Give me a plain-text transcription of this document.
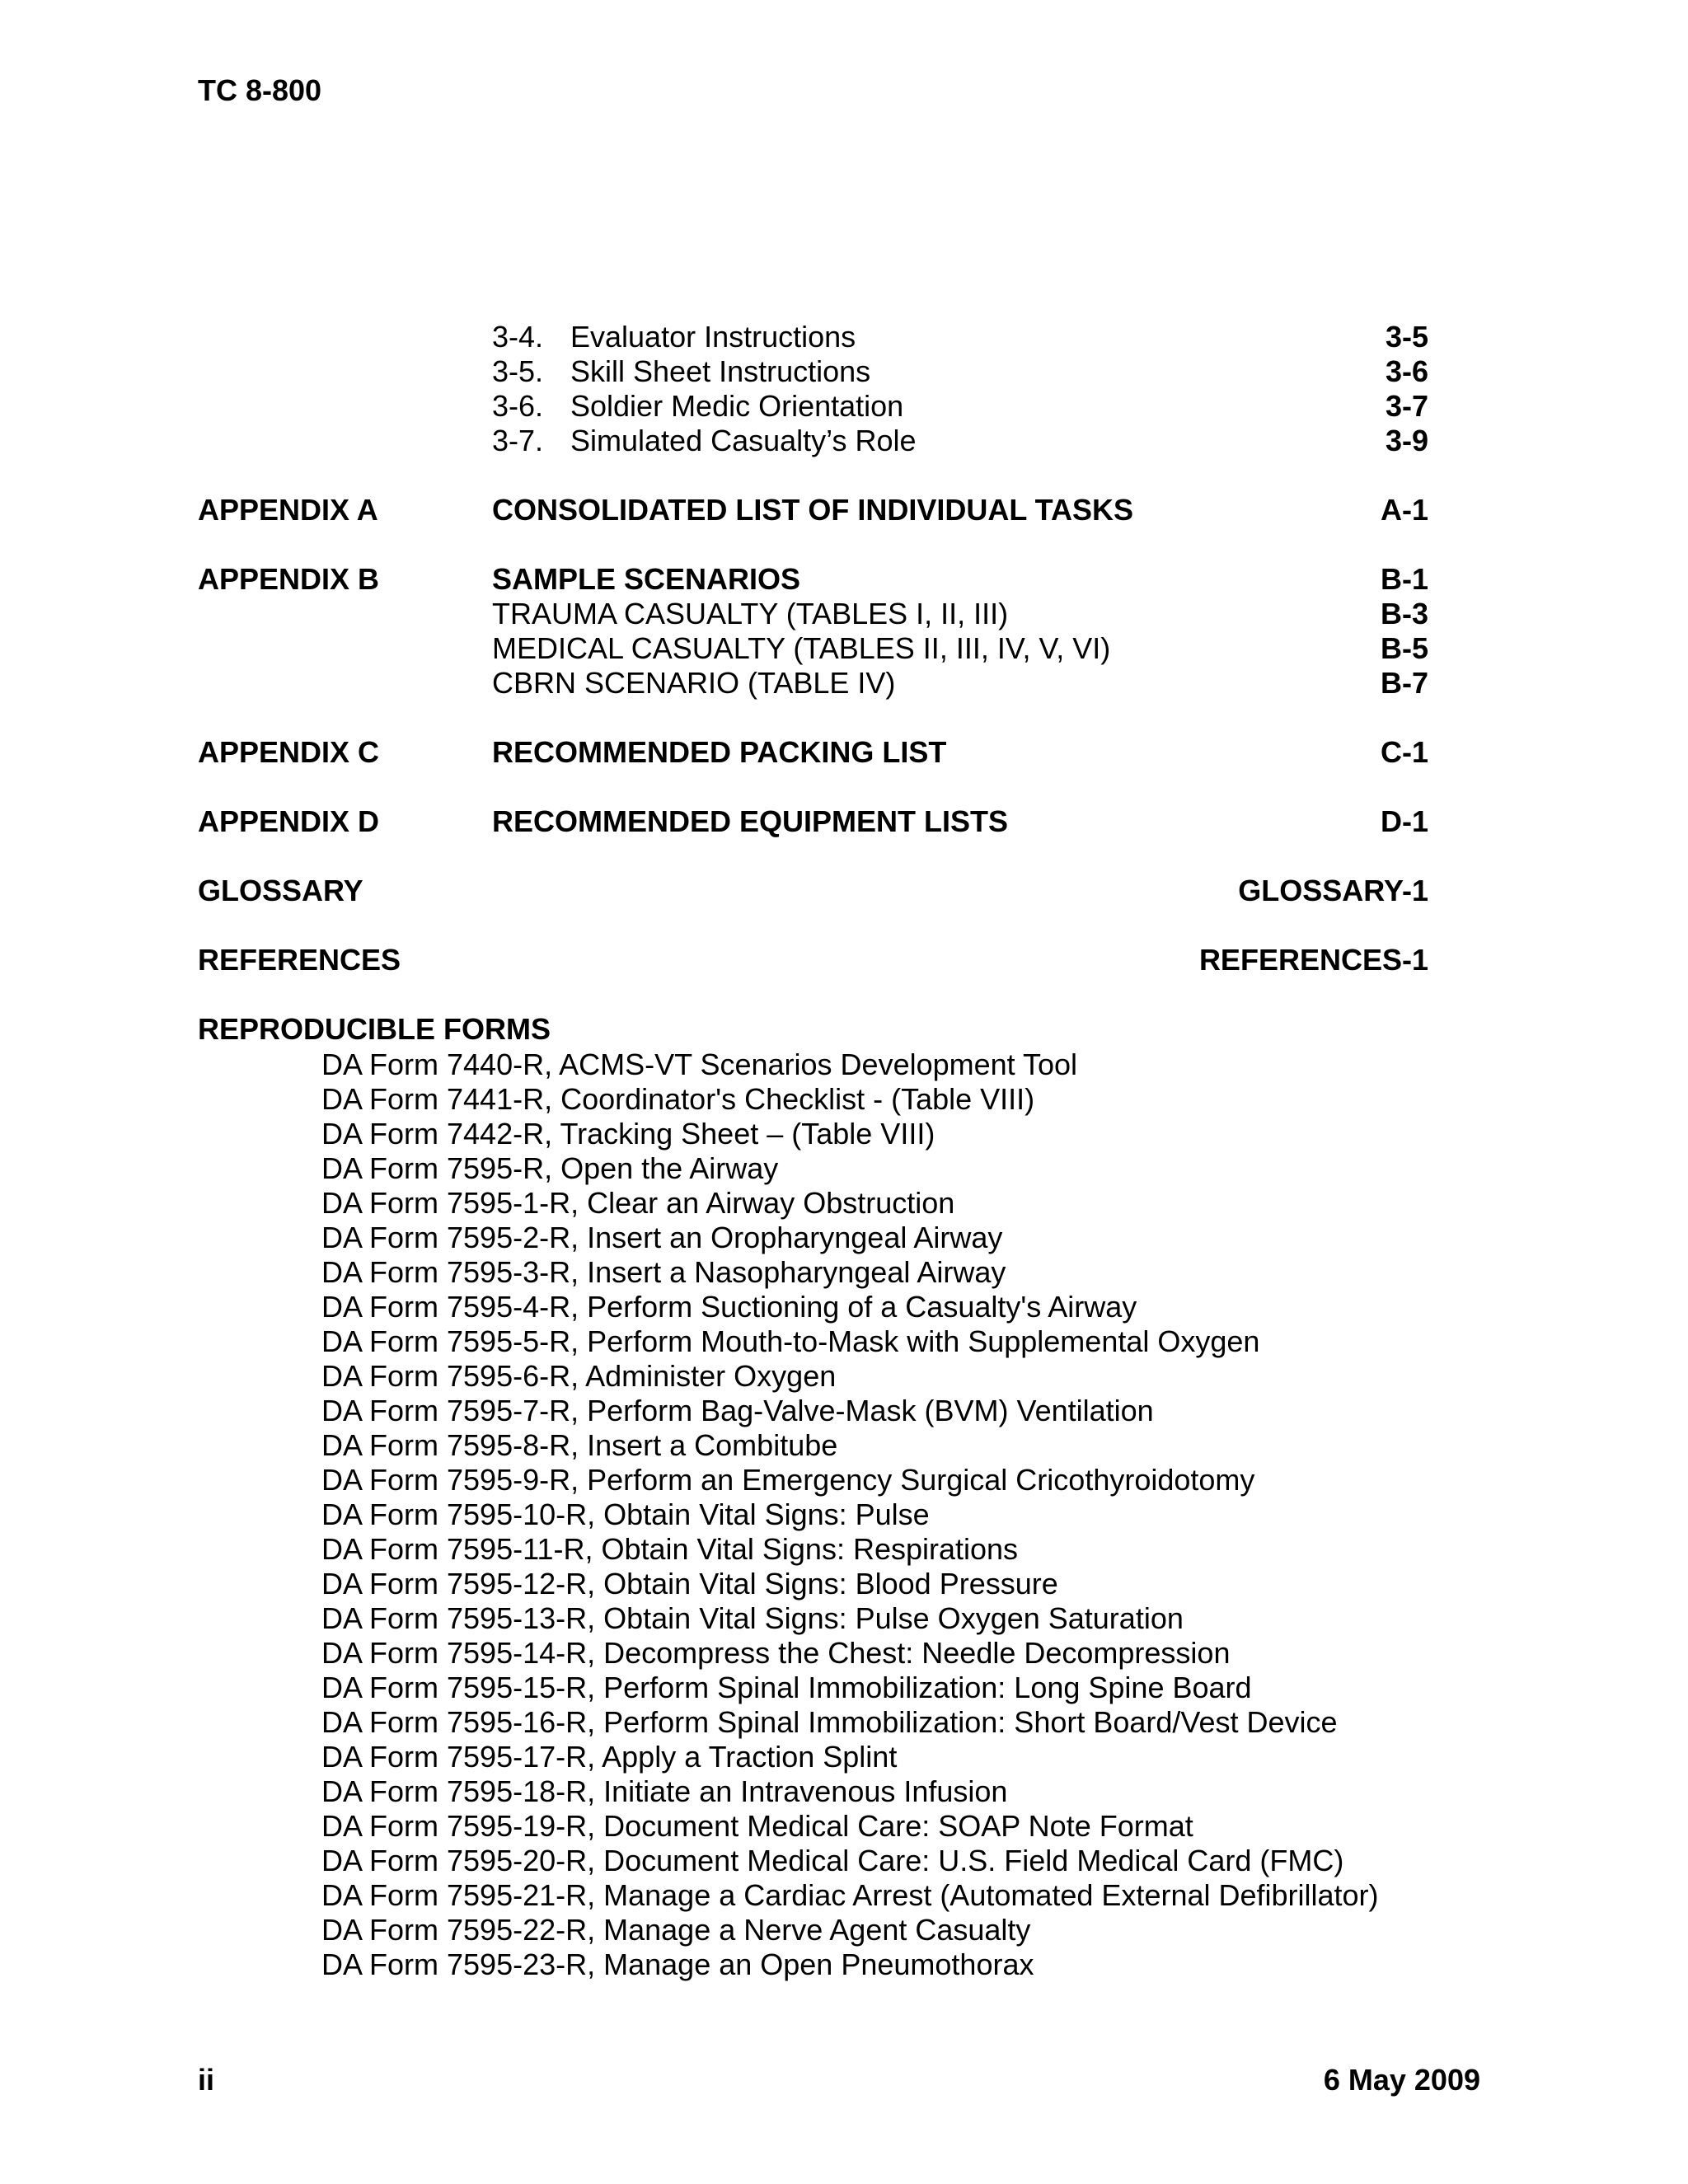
TC 8-800
3-4. Evaluator Instructions	3-5
3-5. Skill Sheet Instructions	3-6
3-6. Soldier Medic Orientation	3-7
3-7. Simulated Casualty’s Role	3-9
APPENDIX A	CONSOLIDATED LIST OF INDIVIDUAL TASKS	A-1
APPENDIX B	SAMPLE SCENARIOS	B-1
TRAUMA CASUALTY (TABLES I, II, III)	B-3
MEDICAL CASUALTY (TABLES II, III, IV, V, VI)	B-5
CBRN SCENARIO (TABLE IV)	B-7
APPENDIX C	RECOMMENDED PACKING LIST	C-1
APPENDIX D	RECOMMENDED EQUIPMENT LISTS	D-1
GLOSSARY	GLOSSARY-1
REFERENCES	REFERENCES-1
REPRODUCIBLE FORMS
DA Form 7440-R, ACMS-VT Scenarios Development Tool
DA Form 7441-R, Coordinator's Checklist - (Table VIII)
DA Form 7442-R, Tracking Sheet – (Table VIII)
DA Form 7595-R, Open the Airway
DA Form 7595-1-R, Clear an Airway Obstruction
DA Form 7595-2-R, Insert an Oropharyngeal Airway
DA Form 7595-3-R, Insert a Nasopharyngeal Airway
DA Form 7595-4-R, Perform Suctioning of a Casualty's Airway
DA Form 7595-5-R, Perform Mouth-to-Mask with Supplemental Oxygen
DA Form 7595-6-R, Administer Oxygen
DA Form 7595-7-R, Perform Bag-Valve-Mask (BVM) Ventilation
DA Form 7595-8-R, Insert a Combitube
DA Form 7595-9-R, Perform an Emergency Surgical Cricothyroidotomy
DA Form 7595-10-R, Obtain Vital Signs: Pulse
DA Form 7595-11-R, Obtain Vital Signs: Respirations
DA Form 7595-12-R, Obtain Vital Signs: Blood Pressure
DA Form 7595-13-R, Obtain Vital Signs: Pulse Oxygen Saturation
DA Form 7595-14-R, Decompress the Chest: Needle Decompression
DA Form 7595-15-R, Perform Spinal Immobilization: Long Spine Board
DA Form 7595-16-R, Perform Spinal Immobilization: Short Board/Vest Device
DA Form 7595-17-R, Apply a Traction Splint
DA Form 7595-18-R, Initiate an Intravenous Infusion
DA Form 7595-19-R, Document Medical Care: SOAP Note Format
DA Form 7595-20-R, Document Medical Care: U.S. Field Medical Card (FMC)
DA Form 7595-21-R, Manage a Cardiac Arrest (Automated External Defibrillator)
DA Form 7595-22-R, Manage a Nerve Agent Casualty
DA Form 7595-23-R, Manage an Open Pneumothorax
ii	6 May 2009
